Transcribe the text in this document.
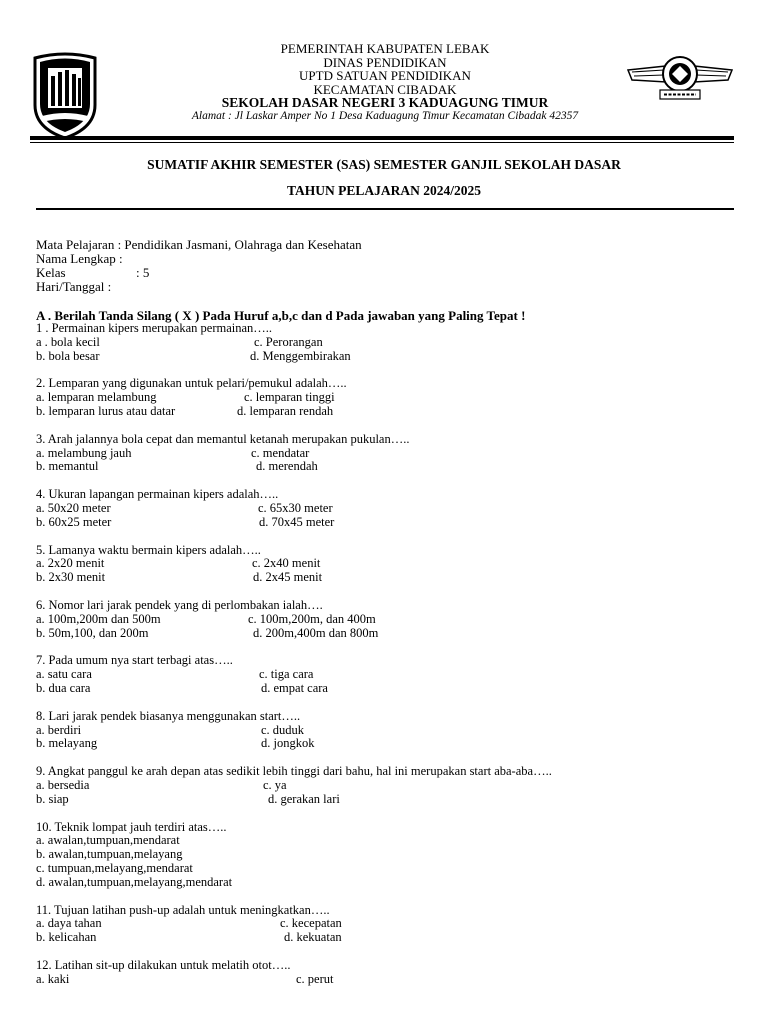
PEMERINTAH KABUPATEN LEBAK
DINAS PENDIDIKAN
UPTD SATUAN PENDIDIKAN
KECAMATAN CIBADAK
SEKOLAH DASAR NEGERI 3 KADUAGUNG TIMUR
Alamat : Jl Laskar Amper No 1 Desa Kaduagung Timur Kecamatan Cibadak 42357
SUMATIF AKHIR SEMESTER (SAS) SEMESTER GANJIL SEKOLAH DASAR
TAHUN PELAJARAN 2024/2025
Mata Pelajaran : Pendidikan Jasmani, Olahraga dan Kesehatan
Nama Lengkap :
Kelas	: 5
Hari/Tanggal :
A . Berilah Tanda Silang ( X ) Pada Huruf a,b,c dan d Pada jawaban yang Paling Tepat !
1 . Permainan kipers merupakan permainan…..
a . bola kecil	c. Perorangan
b. bola besar	d. Menggembirakan
2. Lemparan yang digunakan untuk pelari/pemukul adalah…..
a. lemparan melambung	c. lemparan tinggi
b. lemparan lurus atau datar	d. lemparan rendah
3. Arah jalannya bola cepat dan memantul ketanah merupakan pukulan…..
a. melambung jauh	c. mendatar
b. memantul	d. merendah
4. Ukuran lapangan permainan kipers adalah…..
a. 50x20 meter	c. 65x30 meter
b. 60x25 meter	d. 70x45 meter
5. Lamanya waktu bermain kipers adalah…..
a. 2x20 menit	c. 2x40 menit
b. 2x30 menit	d. 2x45 menit
6. Nomor lari jarak pendek yang di perlombakan ialah….
a. 100m,200m dan 500m	c. 100m,200m, dan 400m
b. 50m,100, dan 200m	d. 200m,400m dan 800m
7. Pada umum nya start terbagi atas…..
a. satu cara	c. tiga cara
b. dua cara	d. empat cara
8. Lari jarak pendek biasanya menggunakan start…..
a. berdiri	c. duduk
b. melayang	d. jongkok
9. Angkat panggul ke arah depan atas sedikit lebih tinggi dari bahu, hal ini merupakan start aba-aba…..
a. bersedia	c. ya
b. siap	d. gerakan lari
10. Teknik lompat jauh terdiri atas…..
a. awalan,tumpuan,mendarat
b. awalan,tumpuan,melayang
c. tumpuan,melayang,mendarat
d. awalan,tumpuan,melayang,mendarat
11. Tujuan latihan push-up adalah untuk meningkatkan…..
a. daya tahan	c. kecepatan
b. kelicahan	d. kekuatan
12. Latihan sit-up dilakukan untuk melatih otot…..
a. kaki	c. perut
